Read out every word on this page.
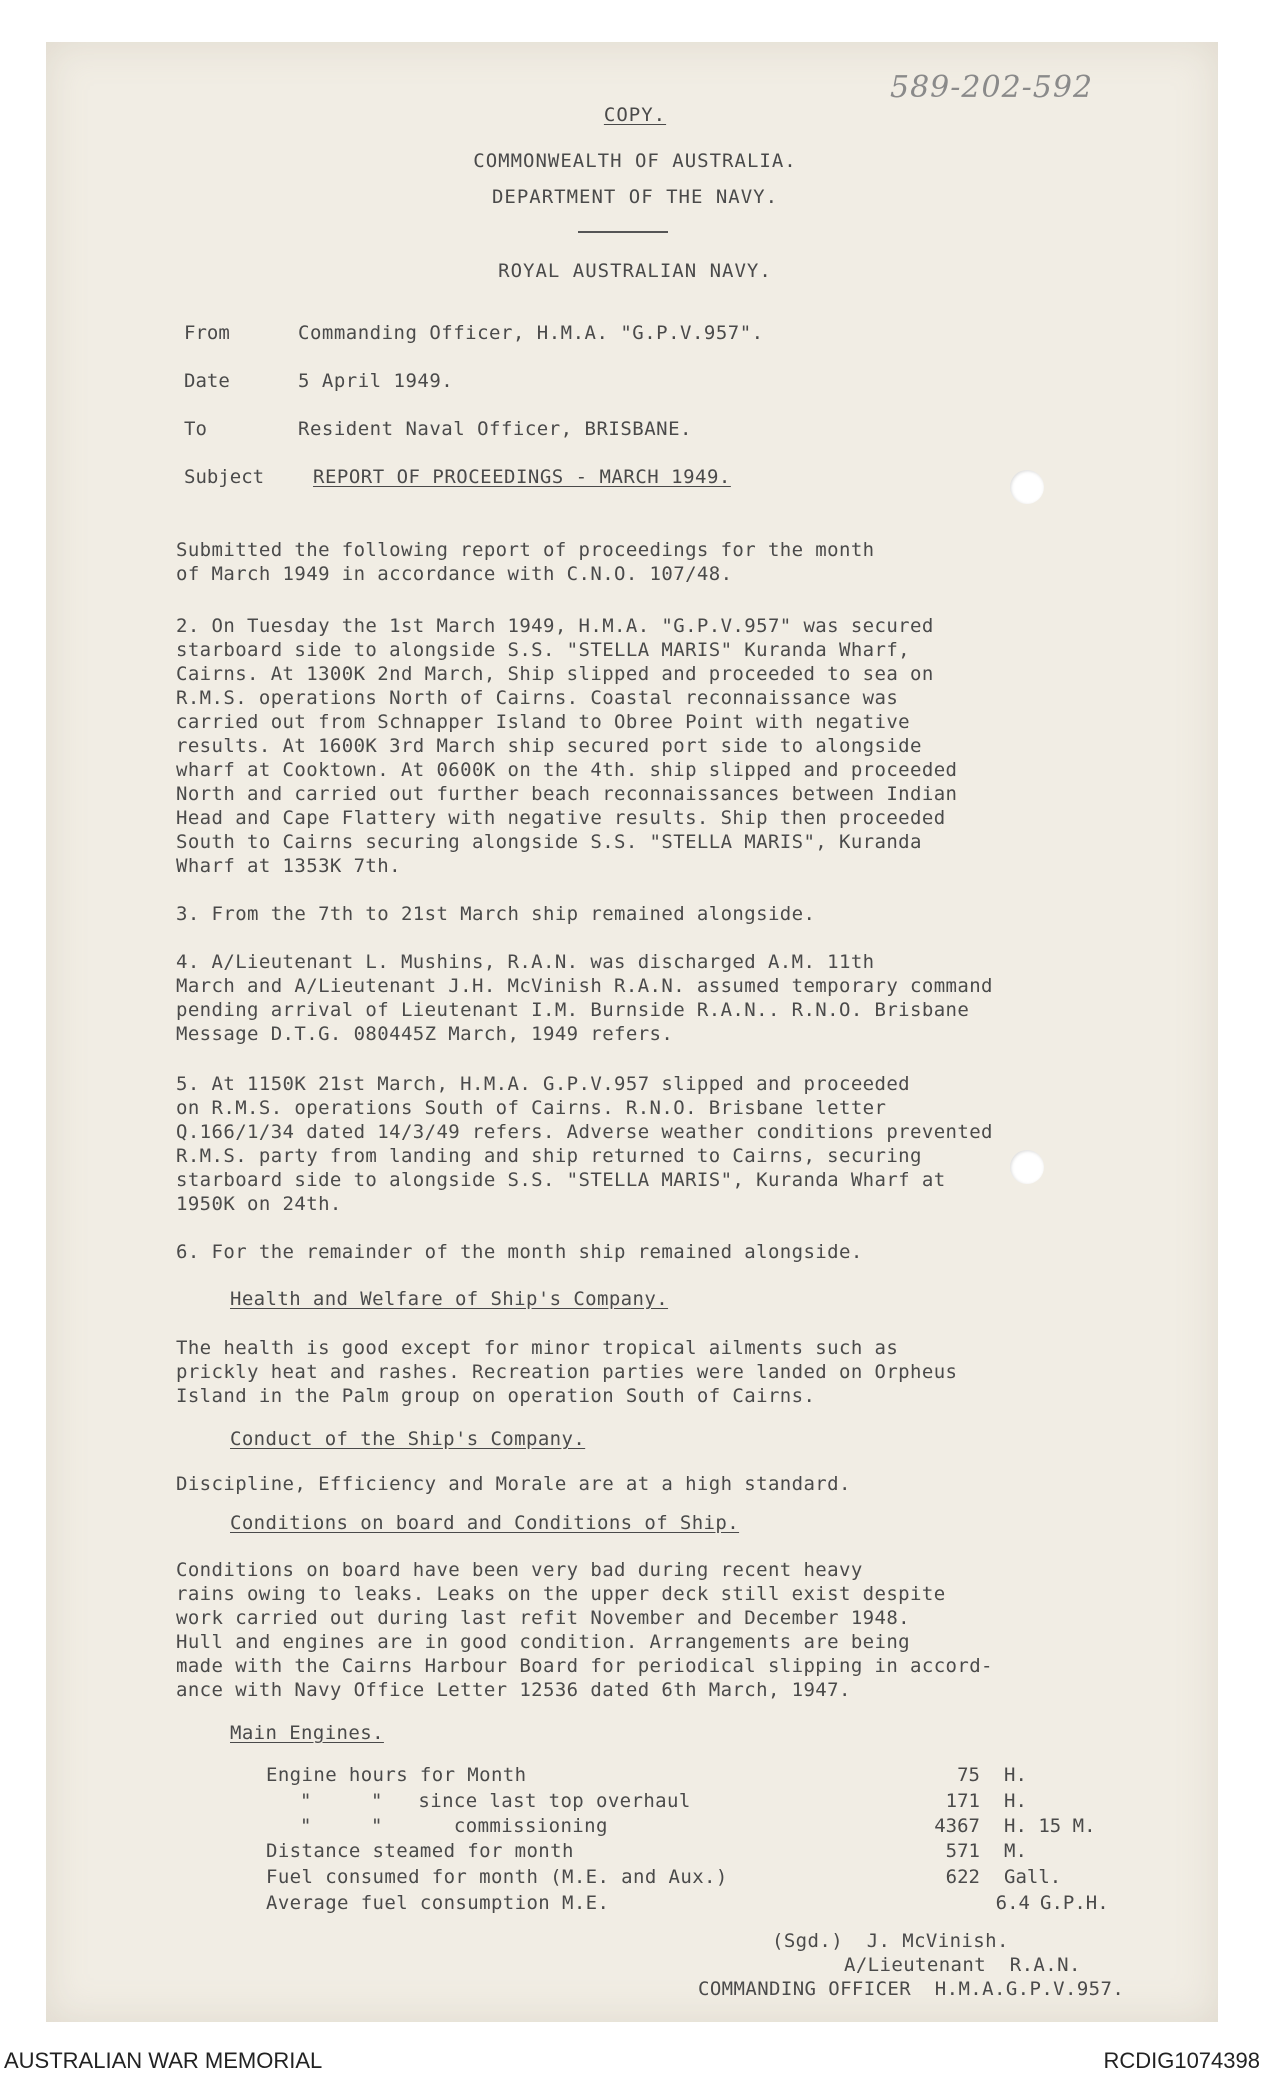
589-202-592
COPY.
COMMONWEALTH OF AUSTRALIA.
DEPARTMENT OF THE NAVY.
ROYAL AUSTRALIAN NAVY.
From	Commanding Officer, H.M.A. "G.P.V.957".
Date	5 April 1949.
To	Resident Naval Officer, BRISBANE.
Subject	REPORT OF PROCEEDINGS - MARCH 1949.
Submitted the following report of proceedings for the month
of March 1949 in accordance with C.N.O. 107/48.
2. On Tuesday the 1st March 1949, H.M.A. "G.P.V.957" was secured
starboard side to alongside S.S. "STELLA MARIS" Kuranda Wharf,
Cairns. At 1300K 2nd March, Ship slipped and proceeded to sea on
R.M.S. operations North of Cairns. Coastal reconnaissance was
carried out from Schnapper Island to Obree Point with negative
results. At 1600K 3rd March ship secured port side to alongside
wharf at Cooktown. At 0600K on the 4th. ship slipped and proceeded
North and carried out further beach reconnaissances between Indian
Head and Cape Flattery with negative results. Ship then proceeded
South to Cairns securing alongside S.S. "STELLA MARIS", Kuranda
Wharf at 1353K 7th.
3. From the 7th to 21st March ship remained alongside.
4. A/Lieutenant L. Mushins, R.A.N. was discharged A.M. 11th
March and A/Lieutenant J.H. McVinish R.A.N. assumed temporary command
pending arrival of Lieutenant I.M. Burnside R.A.N.. R.N.O. Brisbane
Message D.T.G. 080445Z March, 1949 refers.
5. At 1150K 21st March, H.M.A. G.P.V.957 slipped and proceeded
on R.M.S. operations South of Cairns. R.N.O. Brisbane letter
Q.166/1/34 dated 14/3/49 refers. Adverse weather conditions prevented
R.M.S. party from landing and ship returned to Cairns, securing
starboard side to alongside S.S. "STELLA MARIS", Kuranda Wharf at
1950K on 24th.
6. For the remainder of the month ship remained alongside.
Health and Welfare of Ship's Company.
The health is good except for minor tropical ailments such as
prickly heat and rashes. Recreation parties were landed on Orpheus
Island in the Palm group on operation South of Cairns.
Conduct of the Ship's Company.
Discipline, Efficiency and Morale are at a high standard.
Conditions on board and Conditions of Ship.
Conditions on board have been very bad during recent heavy
rains owing to leaks. Leaks on the upper deck still exist despite
work carried out during last refit November and December 1948.
Hull and engines are in good condition. Arrangements are being
made with the Cairns Harbour Board for periodical slipping in accord-
ance with Navy Office Letter 12536 dated 6th March, 1947.
Main Engines.
Engine hours for Month	75 H.
"     "   since last top overhaul	171 H.
"     "      commissioning	4367 H. 15 M.
Distance steamed for month	571 M.
Fuel consumed for month (M.E. and Aux.)	622 Gall.
Average fuel consumption M.E.	6.4 G.P.H.
(Sgd.)  J. McVinish.
A/Lieutenant  R.A.N.
COMMANDING OFFICER  H.M.A.G.P.V.957.
AUSTRALIAN WAR MEMORIAL	RCDIG1074398
